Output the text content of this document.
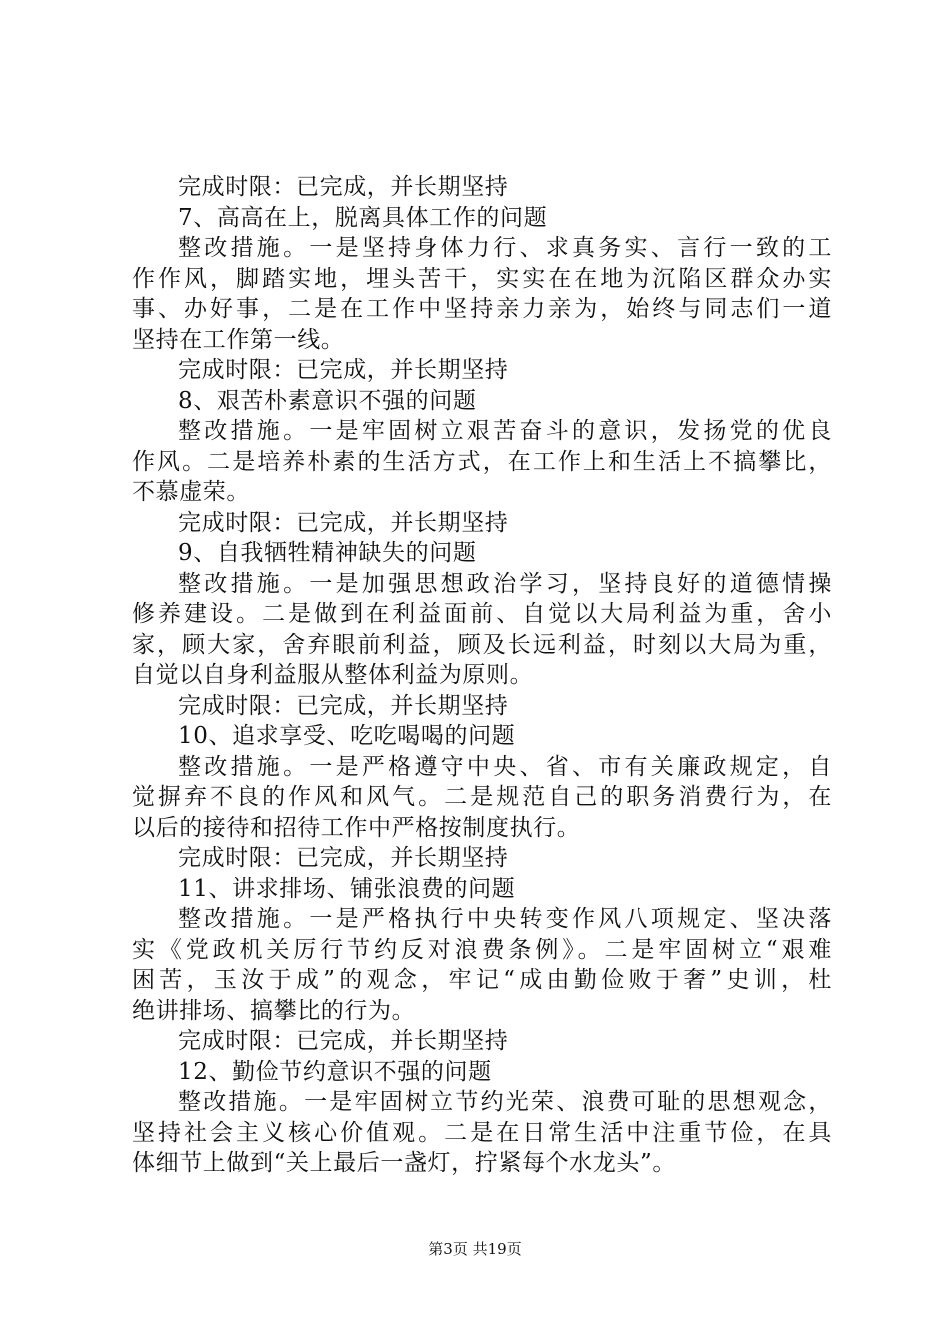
完成时限：已完成，并长期坚持
7、高高在上，脱离具体工作的问题
整改措施。一是坚持身体力行、求真务实、言行一致的工
作作风，脚踏实地，埋头苦干，实实在在地为沉陷区群众办实
事、办好事，二是在工作中坚持亲力亲为，始终与同志们一道
坚持在工作第一线。
完成时限：已完成，并长期坚持
8、艰苦朴素意识不强的问题
整改措施。一是牢固树立艰苦奋斗的意识，发扬党的优良
作风。二是培养朴素的生活方式，在工作上和生活上不搞攀比，
不慕虚荣。
完成时限：已完成，并长期坚持
9、自我牺牲精神缺失的问题
整改措施。一是加强思想政治学习，坚持良好的道德情操
修养建设。二是做到在利益面前、自觉以大局利益为重，舍小
家，顾大家，舍弃眼前利益，顾及长远利益，时刻以大局为重，
自觉以自身利益服从整体利益为原则。
完成时限：已完成，并长期坚持
10、追求享受、吃吃喝喝的问题
整改措施。一是严格遵守中央、省、市有关廉政规定，自
觉摒弃不良的作风和风气。二是规范自己的职务消费行为，在
以后的接待和招待工作中严格按制度执行。
完成时限：已完成，并长期坚持
11、讲求排场、铺张浪费的问题
整改措施。一是严格执行中央转变作风八项规定、坚决落
实《党政机关厉行节约反对浪费条例》。二是牢固树立“艰难
困苦，玉汝于成”的观念，牢记“成由勤俭败于奢”史训，杜
绝讲排场、搞攀比的行为。
完成时限：已完成，并长期坚持
12、勤俭节约意识不强的问题
整改措施。一是牢固树立节约光荣、浪费可耻的思想观念，
坚持社会主义核心价值观。二是在日常生活中注重节俭，在具
体细节上做到“关上最后一盏灯，拧紧每个水龙头”。
第3页 共19页
